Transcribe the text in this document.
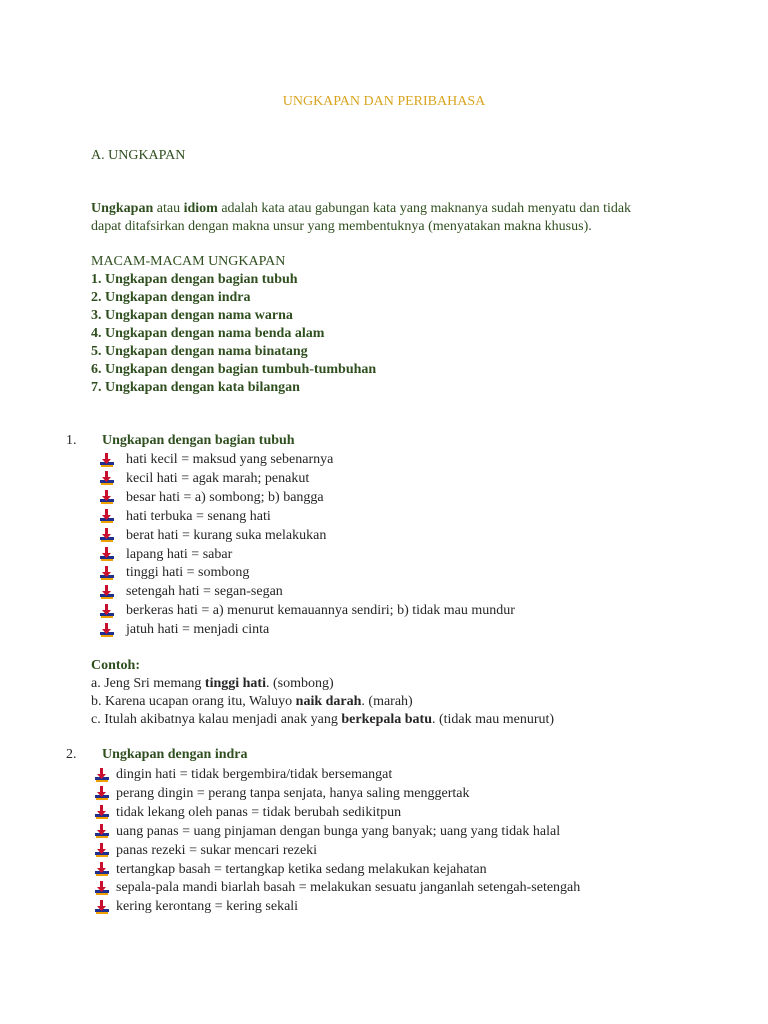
UNGKAPAN DAN PERIBAHASA
A. UNGKAPAN
Ungkapan atau idiom adalah kata atau gabungan kata yang maknanya sudah menyatu dan tidak
dapat ditafsirkan dengan makna unsur yang membentuknya (menyatakan makna khusus).
MACAM-MACAM UNGKAPAN
1. Ungkapan dengan bagian tubuh
2. Ungkapan dengan indra
3. Ungkapan dengan nama warna
4. Ungkapan dengan nama benda alam
5. Ungkapan dengan nama binatang
6. Ungkapan dengan bagian tumbuh-tumbuhan
7. Ungkapan dengan kata bilangan
1. Ungkapan dengan bagian tubuh
hati kecil = maksud yang sebenarnya
kecil hati = agak marah; penakut
besar hati = a) sombong; b) bangga
hati terbuka = senang hati
berat hati = kurang suka melakukan
lapang hati = sabar
tinggi hati = sombong
setengah hati = segan-segan
berkeras hati = a) menurut kemauannya sendiri; b) tidak mau mundur
jatuh hati = menjadi cinta
Contoh:
a. Jeng Sri memang tinggi hati. (sombong)
b. Karena ucapan orang itu, Waluyo naik darah. (marah)
c. Itulah akibatnya kalau menjadi anak yang berkepala batu. (tidak mau menurut)
2. Ungkapan dengan indra
dingin hati = tidak bergembira/tidak bersemangat
perang dingin = perang tanpa senjata, hanya saling menggertak
tidak lekang oleh panas = tidak berubah sedikitpun
uang panas = uang pinjaman dengan bunga yang banyak; uang yang tidak halal
panas rezeki = sukar mencari rezeki
tertangkap basah = tertangkap ketika sedang melakukan kejahatan
sepala-pala mandi biarlah basah = melakukan sesuatu janganlah setengah-setengah
kering kerontang = kering sekali
